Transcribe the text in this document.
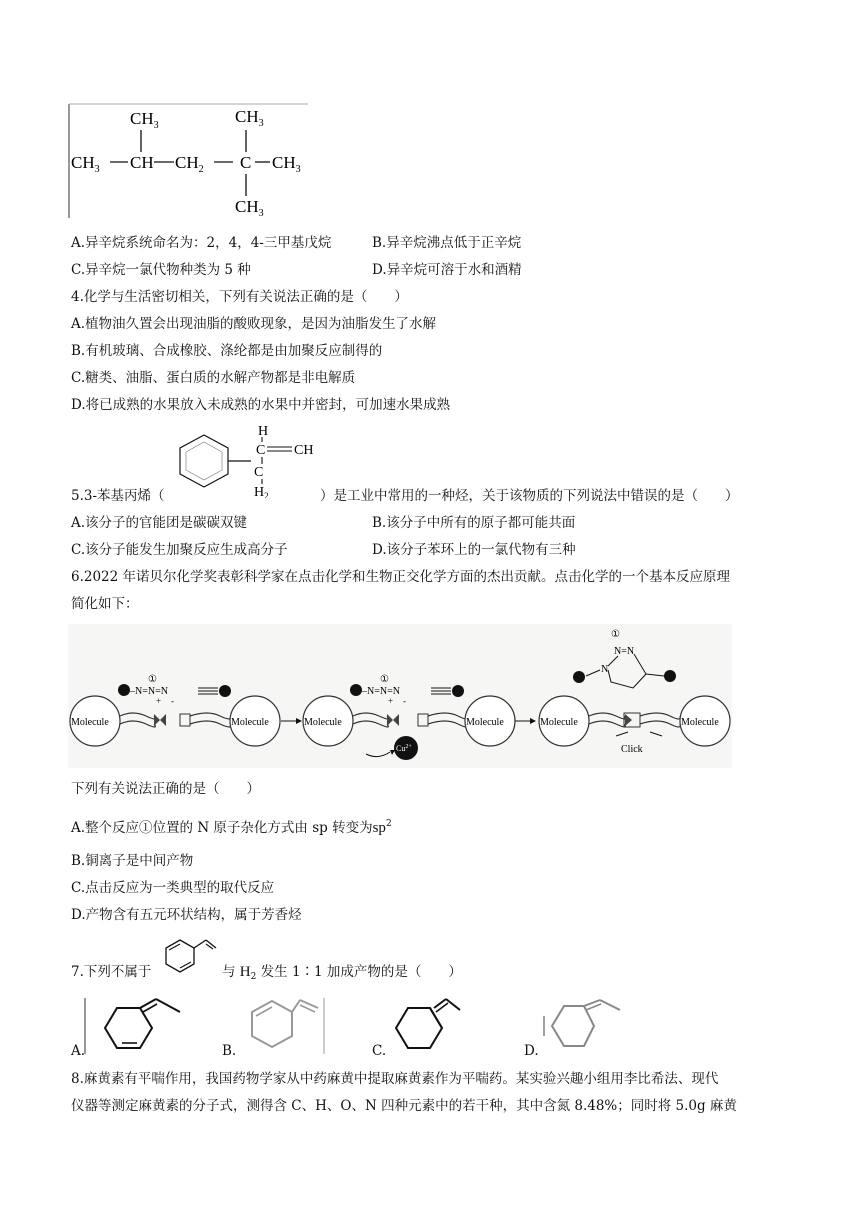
$CH_3$	$CH_3$
$CH_3$ CH $CH_2$ C $CH_3$
$CH_3$
A.异辛烷系统命名为：2，4，4-三甲基戊烷	B.异辛烷沸点低于正辛烷
C.异辛烷一氯代物种类为 5 种	D.异辛烷可溶于水和酒精
4.化学与生活密切相关，下列有关说法正确的是（　　）
A.植物油久置会出现油脂的酸败现象，是因为油脂发生了水解
B.有机玻璃、合成橡胶、涤纶都是由加聚反应制得的
C.糖类、油脂、蛋白质的水解产物都是非电解质
D.将已成熟的水果放入未成熟的水果中并密封，可加速水果成熟
H
C CH
C
$H_2$
5.3-苯基丙烯（	）是工业中常用的一种烃，关于该物质的下列说法中错误的是（　　）
A.该分子的官能团是碳碳双键	B.该分子中所有的原子都可能共面
C.该分子能发生加聚反应生成高分子	D.该分子苯环上的一氯代物有三种
6.2022 年诺贝尔化学奖表彰科学家在点击化学和生物正交化学方面的杰出贡献。点击化学的一个基本反应原理
简化如下：
Molecule	Molecule
–N=N=N
①
+ -
Molecule	Molecule
–N=N=N
①
+ -
$Cu^{2+}$
Molecule	Molecule
Click
①
N
N=N
下列有关说法正确的是（　　）
A.整个反应①位置的 N 原子杂化方式由 sp 转变为$sp^2$
B.铜离子是中间产物
C.点击反应为一类典型的取代反应
D.产物含有五元环状结构，属于芳香烃
7.下列不属于	与 $H_2$ 发生 1∶1 加成产物的是（　　）
A.	B.	C.	D.
8.麻黄素有平喘作用，我国药物学家从中药麻黄中提取麻黄素作为平喘药。某实验兴趣小组用李比希法、现代
仪器等测定麻黄素的分子式，测得含 C、H、O、N 四种元素中的若干种，其中含氮 8.48%；同时将 5.0g 麻黄
